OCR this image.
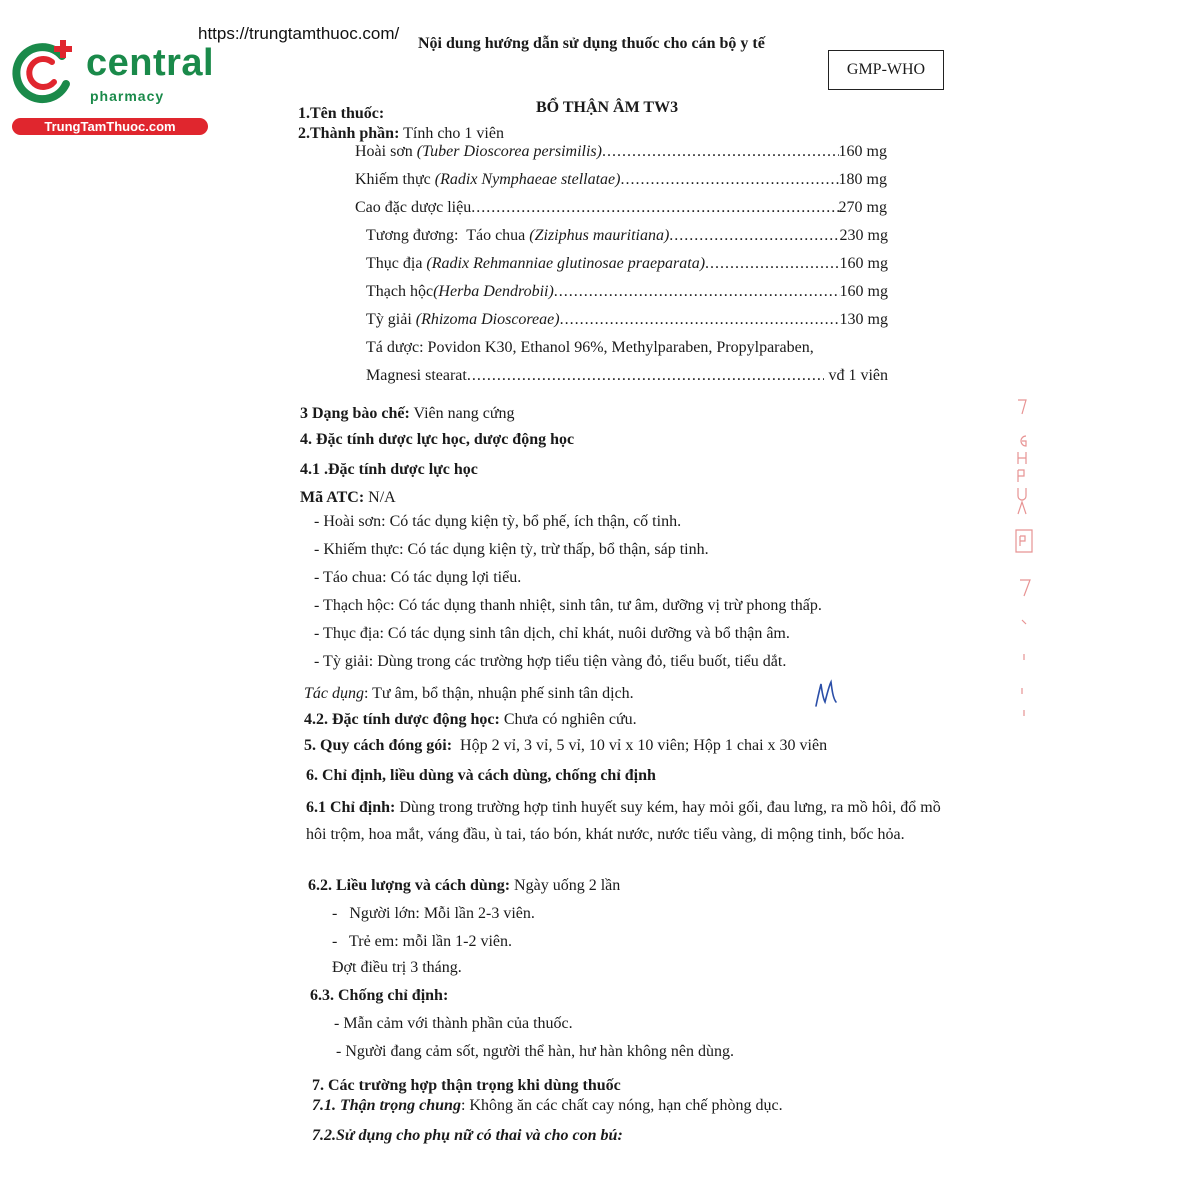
central
pharmacy
TrungTamThuoc.com
https://trungtamthuoc.com/
Nội dung hướng dẫn sử dụng thuốc cho cán bộ y tế
GMP-WHO
1.Tên thuốc:	BỔ THẬN ÂM TW3
2.Thành phần: Tính cho 1 viên
Hoài sơn (Tuber Dioscorea persimilis) .....	160 mg
Khiếm thực (Radix Nymphaeae stellatae) .....	180 mg
Cao đặc dược liệu .....	270 mg
Tương đương:  Táo chua (Ziziphus mauritiana) .....	230 mg
Thục địa (Radix Rehmanniae glutinosae praeparata) .....	160 mg
Thạch hộc (Herba Dendrobii) .....	160 mg
Tỳ giải (Rhizoma Dioscoreae) .....	130 mg
Tá dược: Povidon K30, Ethanol 96%, Methylparaben, Propylparaben,
Magnesi stearat .....	vđ 1 viên
3 Dạng bào chế: Viên nang cứng
4. Đặc tính dược lực học, dược động học
4.1 .Đặc tính dược lực học
Mã ATC: N/A
- Hoài sơn: Có tác dụng kiện tỳ, bổ phế, ích thận, cố tinh.
- Khiếm thực: Có tác dụng kiện tỳ, trừ thấp, bổ thận, sáp tinh.
- Táo chua: Có tác dụng lợi tiểu.
- Thạch hộc: Có tác dụng thanh nhiệt, sinh tân, tư âm, dưỡng vị trừ phong thấp.
- Thục địa: Có tác dụng sinh tân dịch, chỉ khát, nuôi dưỡng và bổ thận âm.
- Tỳ giải: Dùng trong các trường hợp tiểu tiện vàng đỏ, tiểu buốt, tiểu dắt.
Tác dụng: Tư âm, bổ thận, nhuận phế sinh tân dịch.
4.2. Đặc tính dược động học: Chưa có nghiên cứu.
5. Quy cách đóng gói:  Hộp 2 vỉ, 3 vỉ, 5 vỉ, 10 vỉ x 10 viên; Hộp 1 chai x 30 viên
6. Chỉ định, liều dùng và cách dùng, chống chỉ định
6.1 Chỉ định: Dùng trong trường hợp tinh huyết suy kém, hay mỏi gối, đau lưng, ra mồ hôi, đổ mồ hôi trộm, hoa mắt, váng đầu, ù tai, táo bón, khát nước, nước tiểu vàng, di mộng tinh, bốc hỏa.
6.2. Liều lượng và cách dùng: Ngày uống 2 lần
-   Người lớn: Mỗi lần 2-3 viên.
-   Trẻ em: mỗi lần 1-2 viên.
Đợt điều trị 3 tháng.
6.3. Chống chỉ định:
- Mẫn cảm với thành phần của thuốc.
- Người đang cảm sốt, người thể hàn, hư hàn không nên dùng.
7. Các trường hợp thận trọng khi dùng thuốc
7.1. Thận trọng chung: Không ăn các chất cay nóng, hạn chế phòng dục.
7.2.Sử dụng cho phụ nữ có thai và cho con bú:
